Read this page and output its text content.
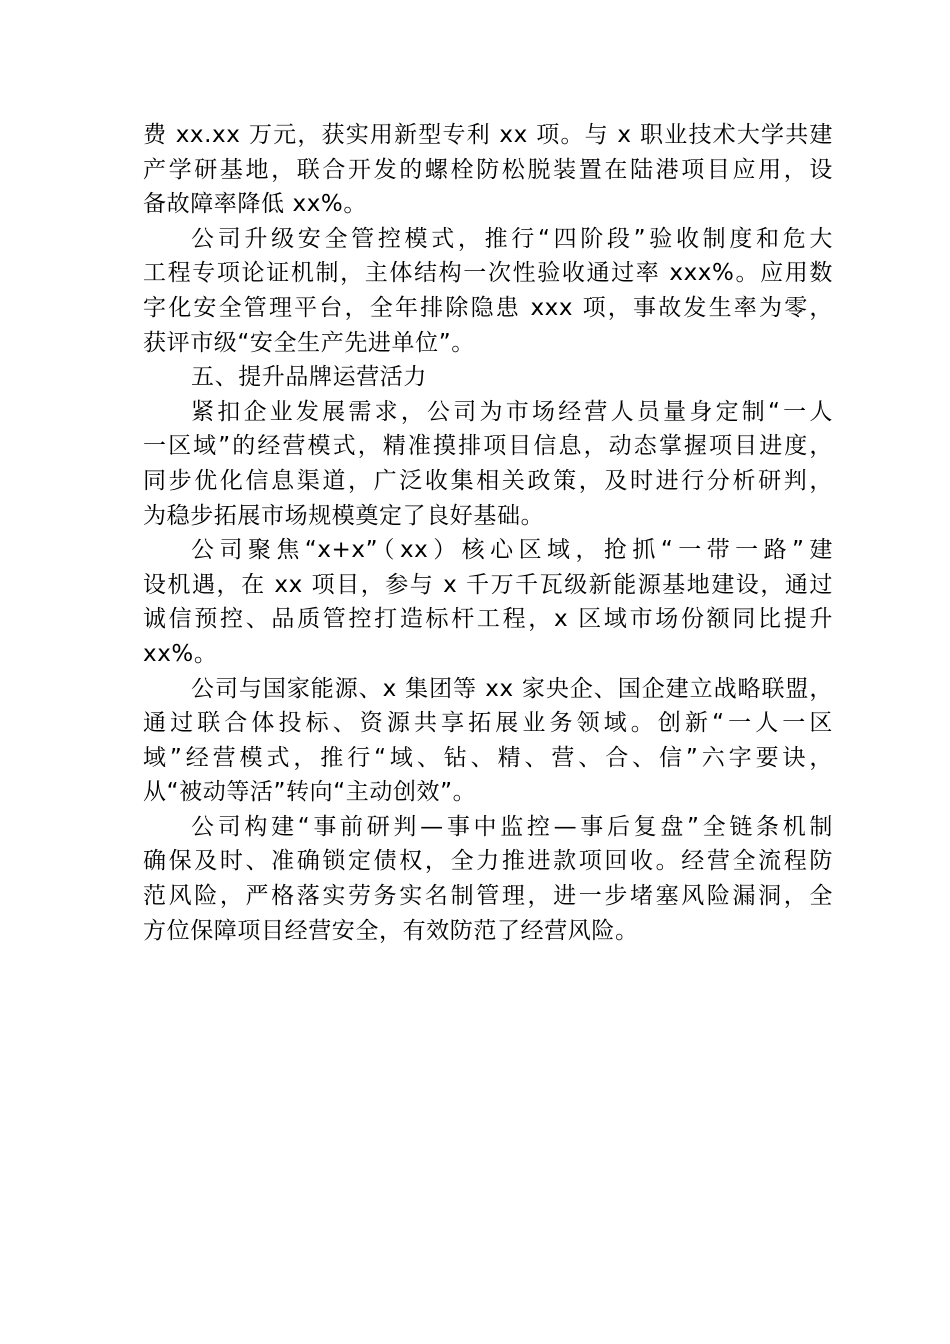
费 xx.xx 万元，获实用新型专利 xx 项。与 x 职业技术大学共建
产学研基地，联合开发的螺栓防松脱装置在陆港项目应用，设
备故障率降低 xx%。

公司升级安全管控模式，推行“四阶段”验收制度和危大
工程专项论证机制，主体结构一次性验收通过率 xxx%。应用数
字化安全管理平台，全年排除隐患 xxx 项，事故发生率为零，
获评市级“安全生产先进单位”。

五、提升品牌运营活力

紧扣企业发展需求，公司为市场经营人员量身定制“一人
一区域”的经营模式，精准摸排项目信息，动态掌握项目进度，
同步优化信息渠道，广泛收集相关政策，及时进行分析研判，
为稳步拓展市场规模奠定了良好基础。

公司聚焦“x+x”（xx）核心区域，抢抓“一带一路”建
设机遇，在 xx 项目，参与 x 千万千瓦级新能源基地建设，通过
诚信预控、品质管控打造标杆工程，x 区域市场份额同比提升
xx%。

公司与国家能源、x 集团等 xx 家央企、国企建立战略联盟，
通过联合体投标、资源共享拓展业务领域。创新“一人一区
域”经营模式，推行“域、钻、精、营、合、信”六字要诀，
从“被动等活”转向“主动创效”。

公司构建“事前研判—事中监控—事后复盘”全链条机制
确保及时、准确锁定债权，全力推进款项回收。经营全流程防
范风险，严格落实劳务实名制管理，进一步堵塞风险漏洞，全
方位保障项目经营安全，有效防范了经营风险。
